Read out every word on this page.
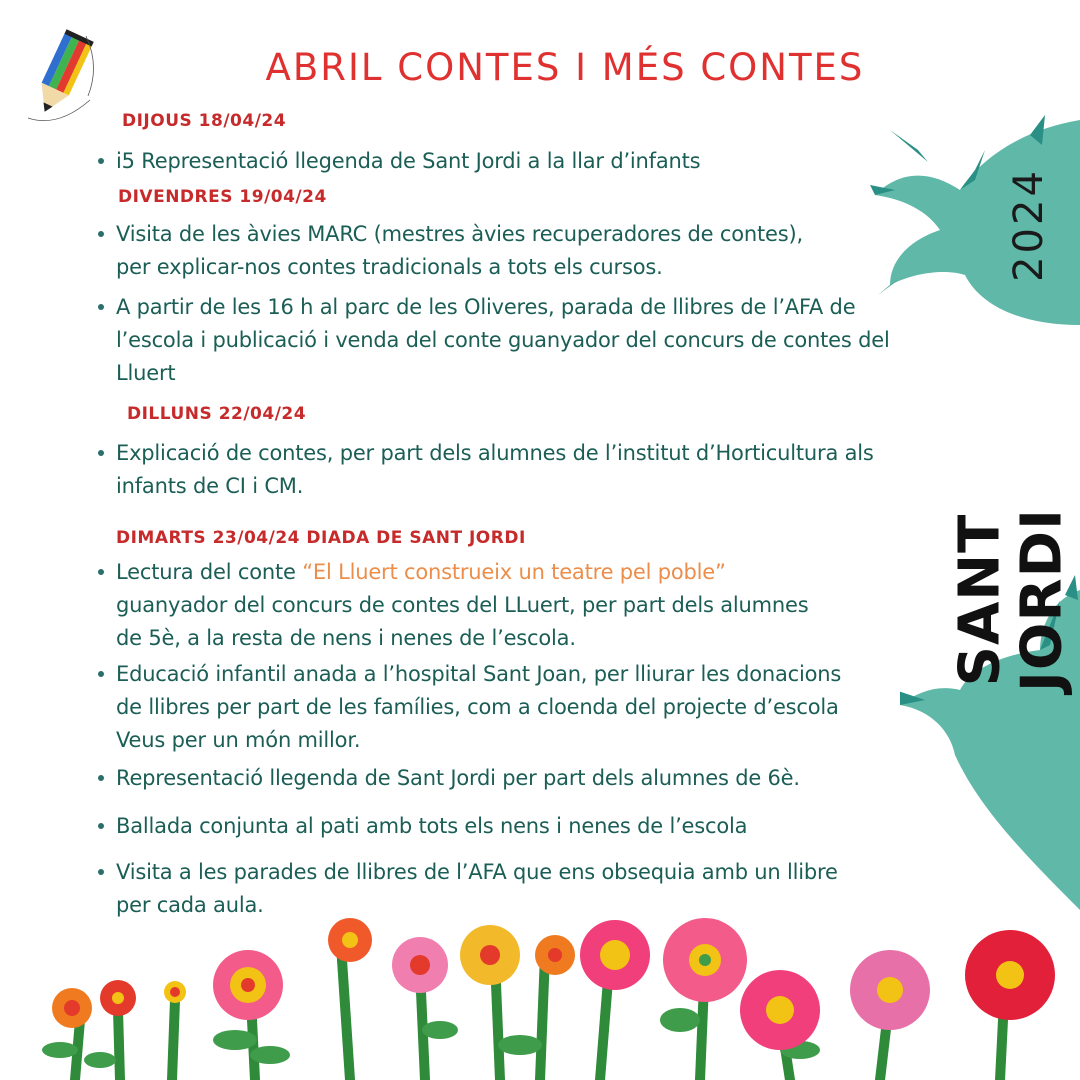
ABRIL CONTES I MÉS CONTES
2024
SANT
JORDI
DIJOUS 18/04/24
i5 Representació llegenda de Sant Jordi a la llar d’infants
DIVENDRES 19/04/24
Visita de les àvies MARC (mestres àvies recuperadores de contes),
per explicar-nos contes tradicionals a tots els cursos.
A partir de les 16 h al parc de les Oliveres, parada de llibres de l’AFA de
l’escola i publicació i venda del conte guanyador del concurs de contes del
Lluert
DILLUNS 22/04/24
Explicació de contes, per part dels alumnes de l’institut d’Horticultura als
infants de CI i CM.
DIMARTS 23/04/24 DIADA DE SANT JORDI
Lectura del conte “El Lluert construeix un teatre pel poble”
guanyador del concurs de contes del LLuert, per part dels alumnes
de 5è, a la resta de nens i nenes de l’escola.
Educació infantil anada a l’hospital Sant Joan, per lliurar les donacions
de llibres per part de les famílies, com a cloenda del projecte d’escola
Veus per un món millor.
Representació llegenda de Sant Jordi per part dels alumnes de 6è.
Ballada conjunta al pati amb tots els nens i nenes de l’escola
Visita a les parades de llibres de l’AFA que ens obsequia amb un llibre
per cada aula.
